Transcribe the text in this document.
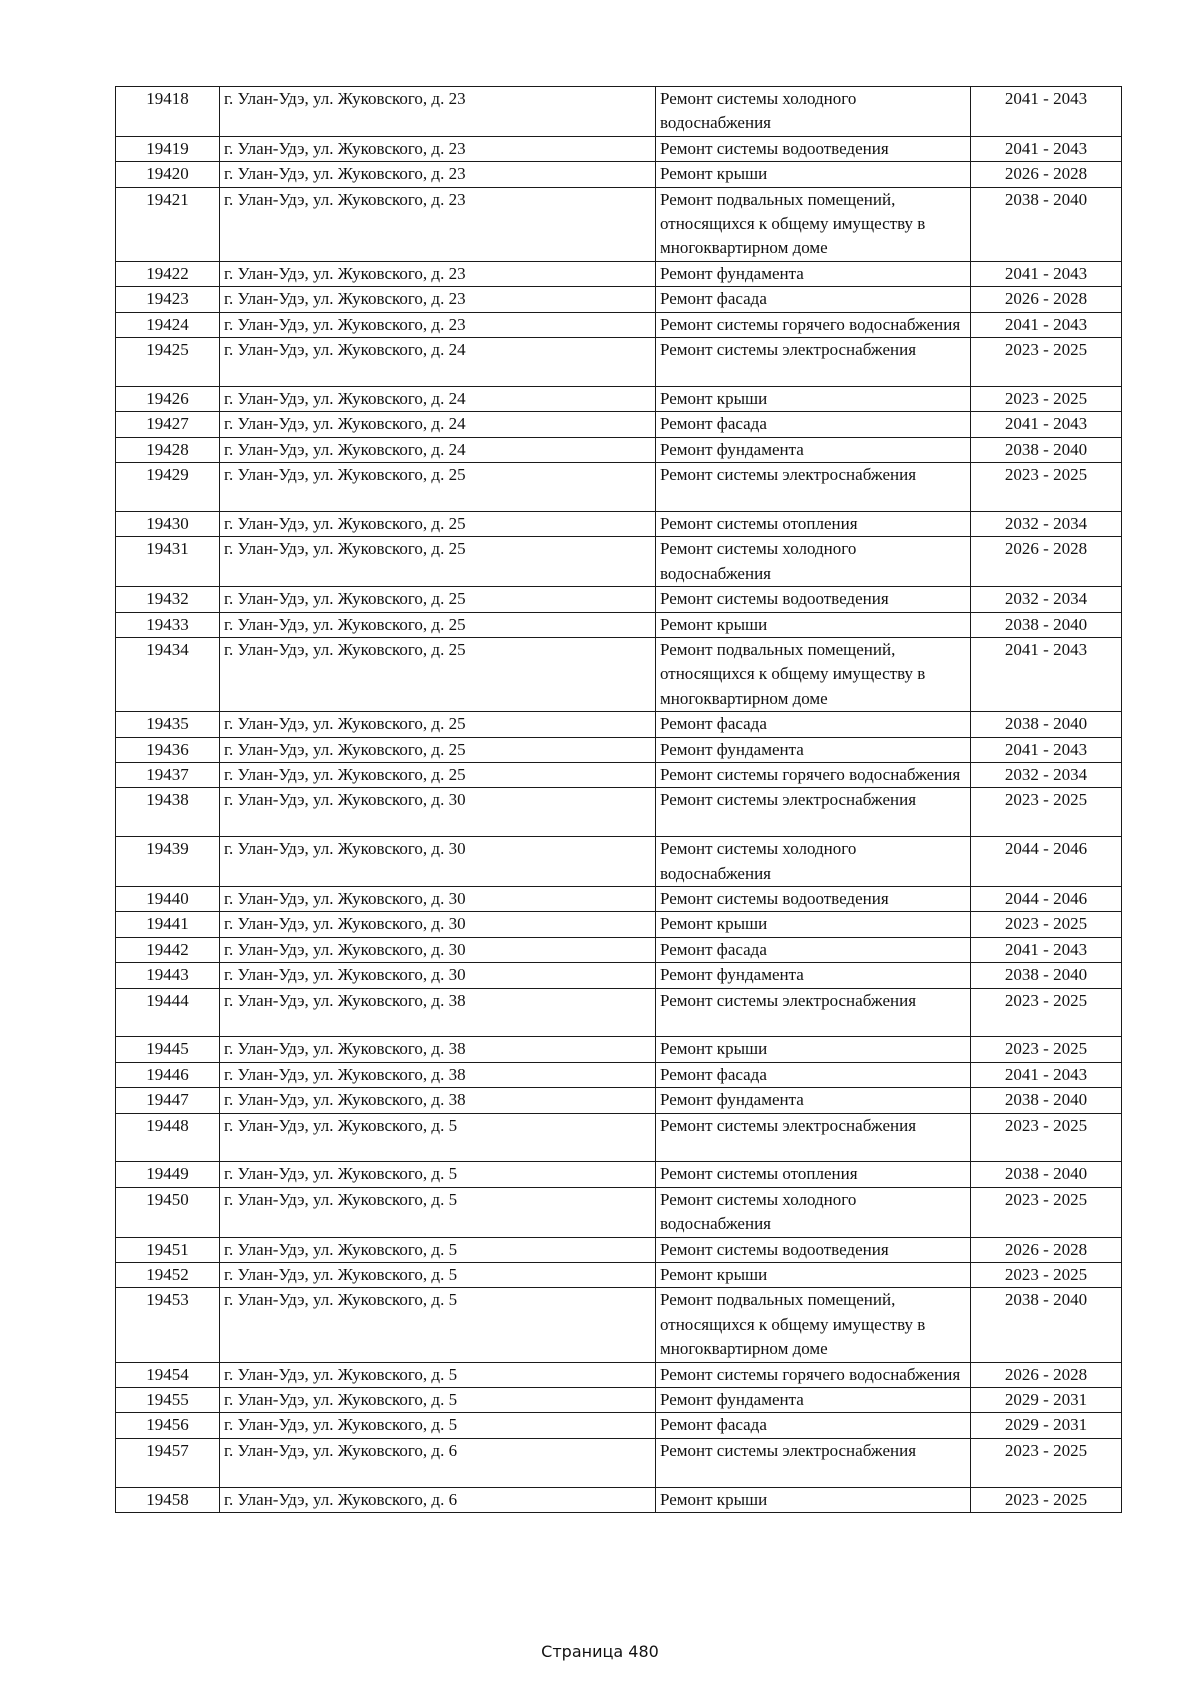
19418	г. Улан-Удэ, ул. Жуковского, д. 23	Ремонт системы холодного водоснабжения	2041 - 2043
19419	г. Улан-Удэ, ул. Жуковского, д. 23	Ремонт системы водоотведения	2041 - 2043
19420	г. Улан-Удэ, ул. Жуковского, д. 23	Ремонт крыши	2026 - 2028
19421	г. Улан-Удэ, ул. Жуковского, д. 23	Ремонт подвальных помещений, относящихся к общему имуществу в многоквартирном доме	2038 - 2040
19422	г. Улан-Удэ, ул. Жуковского, д. 23	Ремонт фундамента	2041 - 2043
19423	г. Улан-Удэ, ул. Жуковского, д. 23	Ремонт фасада	2026 - 2028
19424	г. Улан-Удэ, ул. Жуковского, д. 23	Ремонт системы горячего водоснабжения	2041 - 2043
19425	г. Улан-Удэ, ул. Жуковского, д. 24	Ремонт системы электроснабжения	2023 - 2025
19426	г. Улан-Удэ, ул. Жуковского, д. 24	Ремонт крыши	2023 - 2025
19427	г. Улан-Удэ, ул. Жуковского, д. 24	Ремонт фасада	2041 - 2043
19428	г. Улан-Удэ, ул. Жуковского, д. 24	Ремонт фундамента	2038 - 2040
19429	г. Улан-Удэ, ул. Жуковского, д. 25	Ремонт системы электроснабжения	2023 - 2025
19430	г. Улан-Удэ, ул. Жуковского, д. 25	Ремонт системы отопления	2032 - 2034
19431	г. Улан-Удэ, ул. Жуковского, д. 25	Ремонт системы холодного водоснабжения	2026 - 2028
19432	г. Улан-Удэ, ул. Жуковского, д. 25	Ремонт системы водоотведения	2032 - 2034
19433	г. Улан-Удэ, ул. Жуковского, д. 25	Ремонт крыши	2038 - 2040
19434	г. Улан-Удэ, ул. Жуковского, д. 25	Ремонт подвальных помещений, относящихся к общему имуществу в многоквартирном доме	2041 - 2043
19435	г. Улан-Удэ, ул. Жуковского, д. 25	Ремонт фасада	2038 - 2040
19436	г. Улан-Удэ, ул. Жуковского, д. 25	Ремонт фундамента	2041 - 2043
19437	г. Улан-Удэ, ул. Жуковского, д. 25	Ремонт системы горячего водоснабжения	2032 - 2034
19438	г. Улан-Удэ, ул. Жуковского, д. 30	Ремонт системы электроснабжения	2023 - 2025
19439	г. Улан-Удэ, ул. Жуковского, д. 30	Ремонт системы холодного водоснабжения	2044 - 2046
19440	г. Улан-Удэ, ул. Жуковского, д. 30	Ремонт системы водоотведения	2044 - 2046
19441	г. Улан-Удэ, ул. Жуковского, д. 30	Ремонт крыши	2023 - 2025
19442	г. Улан-Удэ, ул. Жуковского, д. 30	Ремонт фасада	2041 - 2043
19443	г. Улан-Удэ, ул. Жуковского, д. 30	Ремонт фундамента	2038 - 2040
19444	г. Улан-Удэ, ул. Жуковского, д. 38	Ремонт системы электроснабжения	2023 - 2025
19445	г. Улан-Удэ, ул. Жуковского, д. 38	Ремонт крыши	2023 - 2025
19446	г. Улан-Удэ, ул. Жуковского, д. 38	Ремонт фасада	2041 - 2043
19447	г. Улан-Удэ, ул. Жуковского, д. 38	Ремонт фундамента	2038 - 2040
19448	г. Улан-Удэ, ул. Жуковского, д. 5	Ремонт системы электроснабжения	2023 - 2025
19449	г. Улан-Удэ, ул. Жуковского, д. 5	Ремонт системы отопления	2038 - 2040
19450	г. Улан-Удэ, ул. Жуковского, д. 5	Ремонт системы холодного водоснабжения	2023 - 2025
19451	г. Улан-Удэ, ул. Жуковского, д. 5	Ремонт системы водоотведения	2026 - 2028
19452	г. Улан-Удэ, ул. Жуковского, д. 5	Ремонт крыши	2023 - 2025
19453	г. Улан-Удэ, ул. Жуковского, д. 5	Ремонт подвальных помещений, относящихся к общему имуществу в многоквартирном доме	2038 - 2040
19454	г. Улан-Удэ, ул. Жуковского, д. 5	Ремонт системы горячего водоснабжения	2026 - 2028
19455	г. Улан-Удэ, ул. Жуковского, д. 5	Ремонт фундамента	2029 - 2031
19456	г. Улан-Удэ, ул. Жуковского, д. 5	Ремонт фасада	2029 - 2031
19457	г. Улан-Удэ, ул. Жуковского, д. 6	Ремонт системы электроснабжения	2023 - 2025
19458	г. Улан-Удэ, ул. Жуковского, д. 6	Ремонт крыши	2023 - 2025
Страница 480
